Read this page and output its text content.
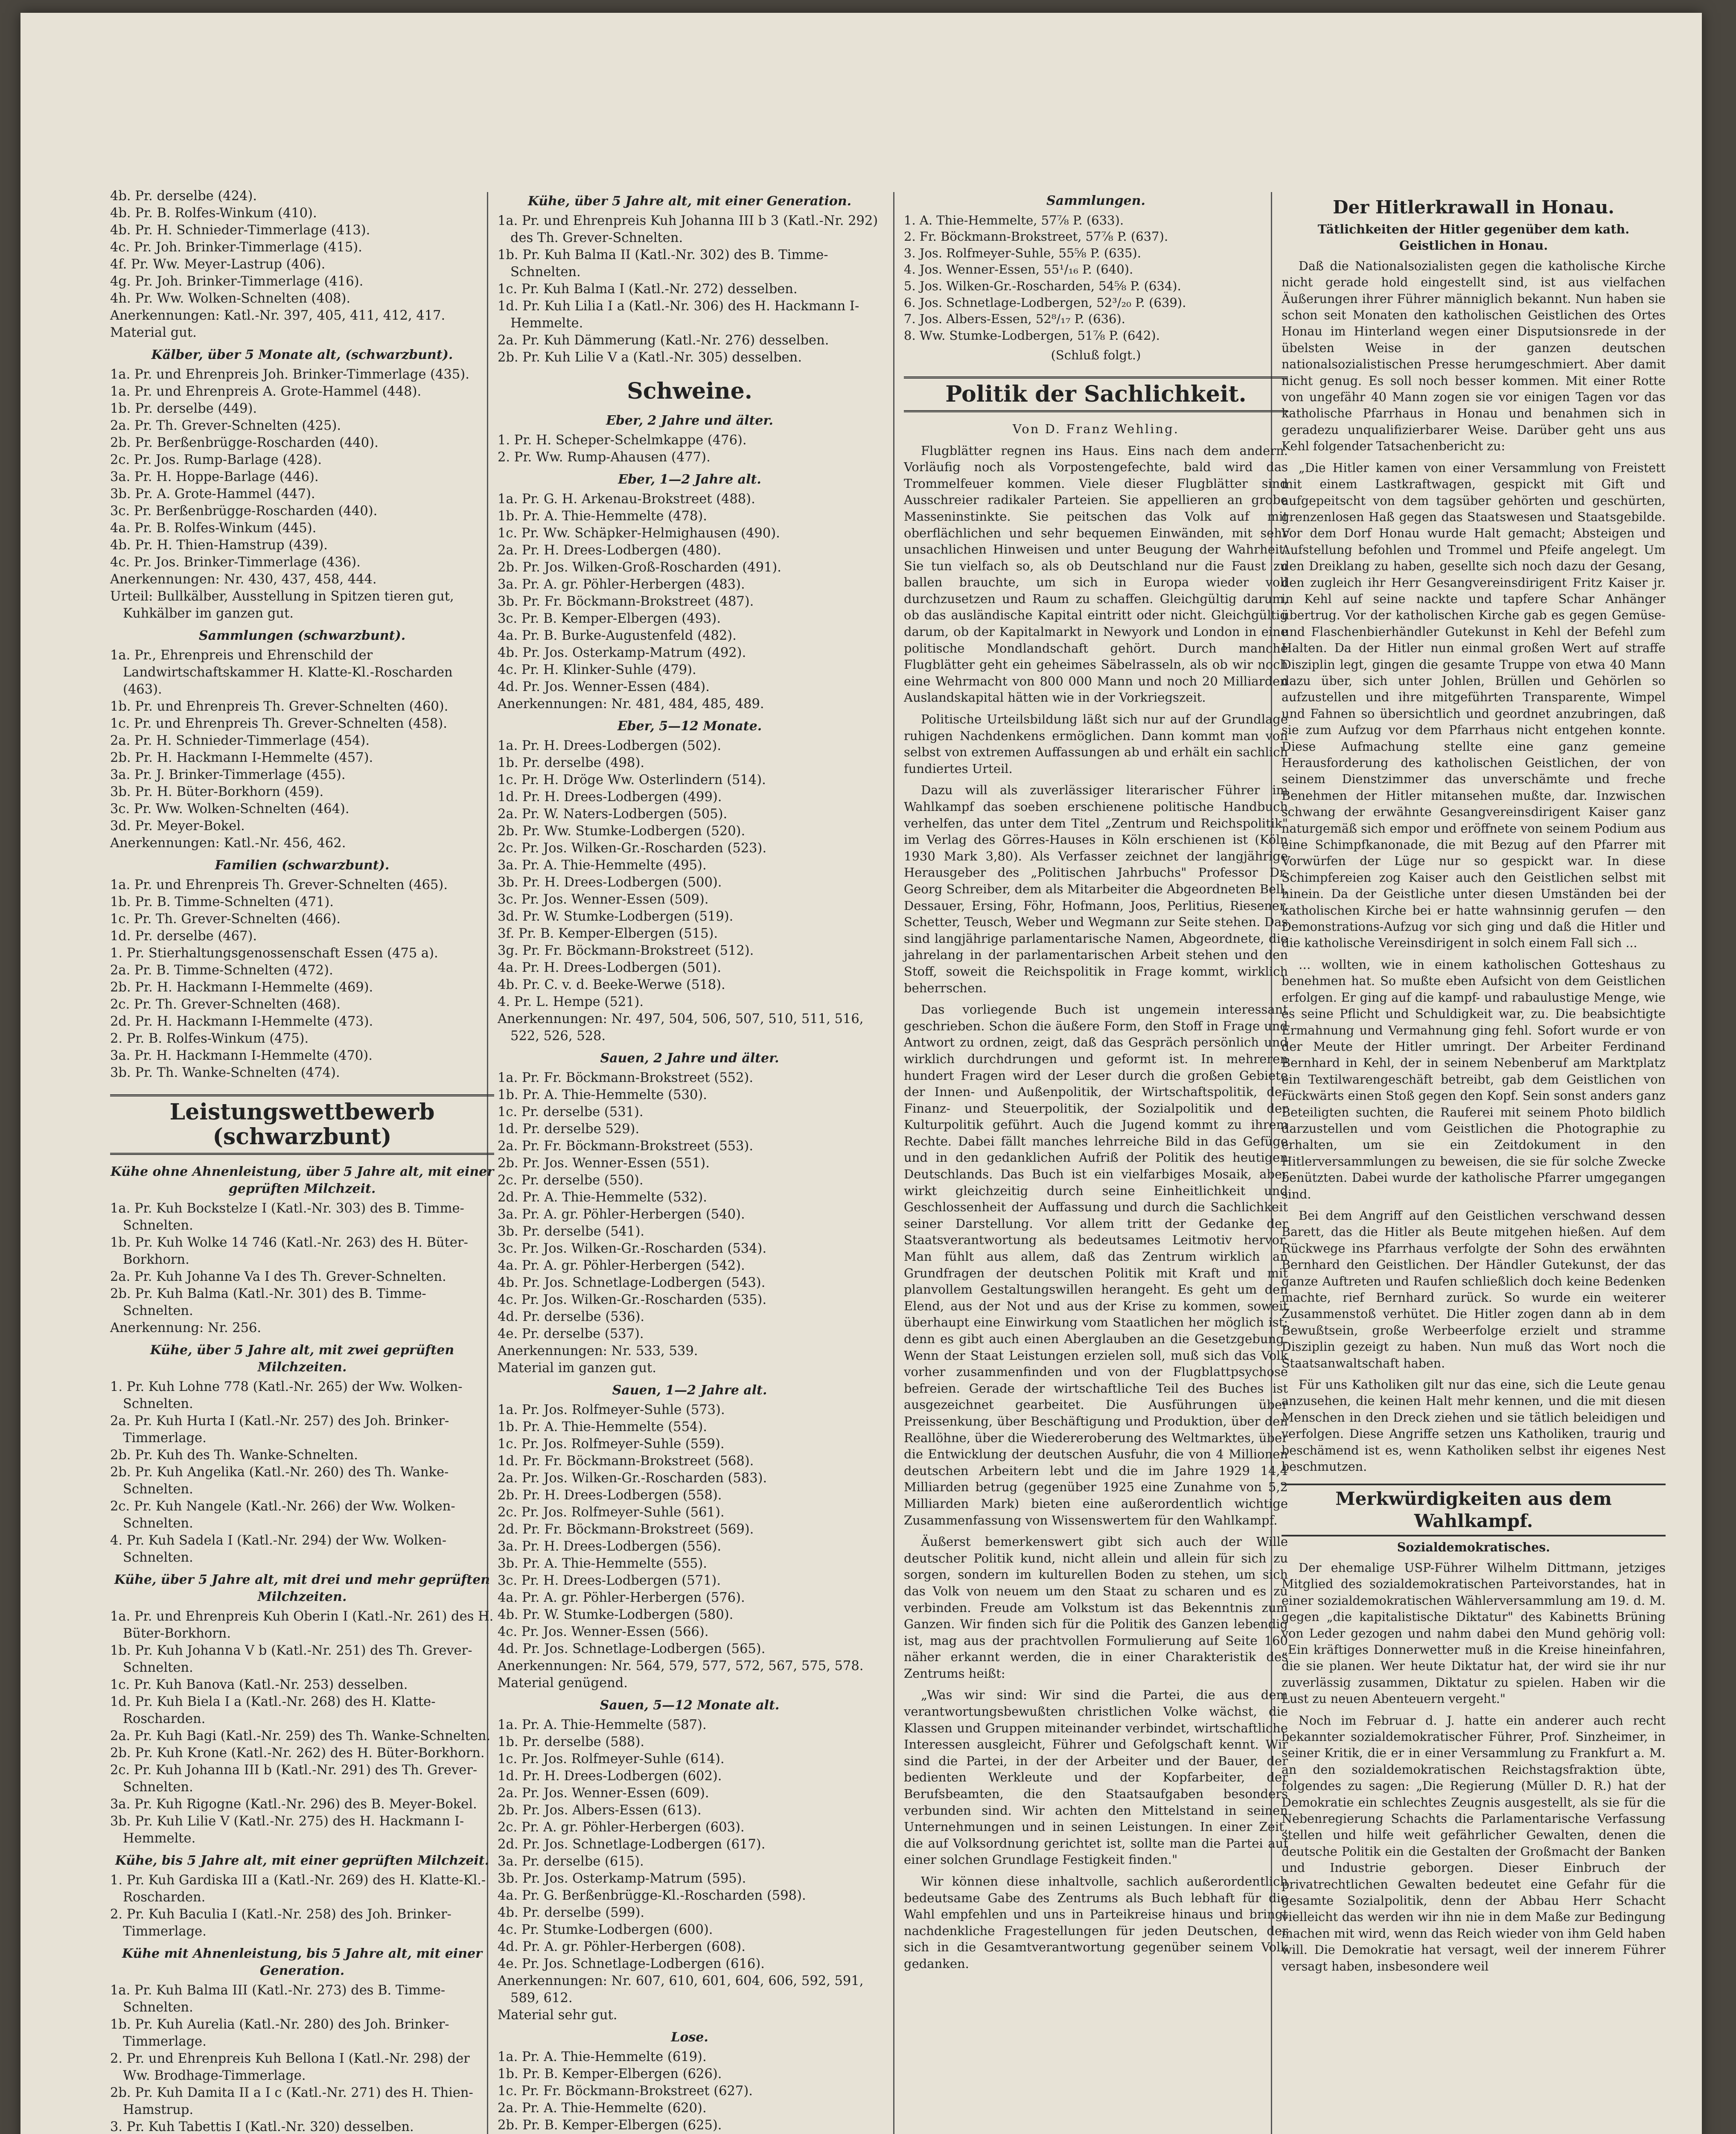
4b. Pr. derselbe (424).

4b. Pr. B. Rolfes-Winkum (410).

4b. Pr. H. Schnieder-Timmerlage (413).

4c. Pr. Joh. Brinker-Timmerlage (415).

4f. Pr. Ww. Meyer-Lastrup (406).

4g. Pr. Joh. Brinker-Timmerlage (416).

4h. Pr. Ww. Wolken-Schnelten (408).

Anerkennungen: Katl.-Nr. 397, 405, 411, 412, 417.

Material gut.

Kälber, über 5 Monate alt, (schwarzbunt).

1a. Pr. und Ehrenpreis Joh. Brinker-Timmerlage (435).

1a. Pr. und Ehrenpreis A. Grote-Hammel (448).

1b. Pr. derselbe (449).

2a. Pr. Th. Grever-Schnelten (425).

2b. Pr. Berßenbrügge-Roscharden (440).

2c. Pr. Jos. Rump-Barlage (428).

3a. Pr. H. Hoppe-Barlage (446).

3b. Pr. A. Grote-Hammel (447).

3c. Pr. Berßenbrügge-Roscharden (440).

4a. Pr. B. Rolfes-Winkum (445).

4b. Pr. H. Thien-Hamstrup (439).

4c. Pr. Jos. Brinker-Timmerlage (436).

Anerkennungen: Nr. 430, 437, 458, 444.

Urteil: Bullkälber, Ausstellung in Spitzen tieren gut, Kuhkälber im ganzen gut.

Sammlungen (schwarzbunt).

1a. Pr., Ehrenpreis und Ehrenschild der Landwirtschaftskammer H. Klatte-Kl.-Roscharden (463).

1b. Pr. und Ehrenpreis Th. Grever-Schnelten (460).

1c. Pr. und Ehrenpreis Th. Grever-Schnelten (458).

2a. Pr. H. Schnieder-Timmerlage (454).

2b. Pr. H. Hackmann I-Hemmelte (457).

3a. Pr. J. Brinker-Timmerlage (455).

3b. Pr. H. Büter-Borkhorn (459).

3c. Pr. Ww. Wolken-Schnelten (464).

3d. Pr. Meyer-Bokel.

Anerkennungen: Katl.-Nr. 456, 462.

Familien (schwarzbunt).

1a. Pr. und Ehrenpreis Th. Grever-Schnelten (465).

1b. Pr. B. Timme-Schnelten (471).

1c. Pr. Th. Grever-Schnelten (466).

1d. Pr. derselbe (467).

1. Pr. Stierhaltungsgenossenschaft Essen (475 a).

2a. Pr. B. Timme-Schnelten (472).

2b. Pr. H. Hackmann I-Hemmelte (469).

2c. Pr. Th. Grever-Schnelten (468).

2d. Pr. H. Hackmann I-Hemmelte (473).

2. Pr. B. Rolfes-Winkum (475).

3a. Pr. H. Hackmann I-Hemmelte (470).

3b. Pr. Th. Wanke-Schnelten (474).

Leistungswettbewerb (schwarzbunt)
Kühe ohne Ahnenleistung, über 5 Jahre alt, mit einer geprüften Milchzeit.

1a. Pr. Kuh Bockstelze I (Katl.-Nr. 303) des B. Timme-Schnelten.

1b. Pr. Kuh Wolke 14 746 (Katl.-Nr. 263) des H. Büter-Borkhorn.

2a. Pr. Kuh Johanne Va I des Th. Grever-Schnelten.

2b. Pr. Kuh Balma (Katl.-Nr. 301) des B. Timme-Schnelten.

Anerkennung: Nr. 256.

Kühe, über 5 Jahre alt, mit zwei geprüften Milchzeiten.

1. Pr. Kuh Lohne 778 (Katl.-Nr. 265) der Ww. Wolken-Schnelten.

2a. Pr. Kuh Hurta I (Katl.-Nr. 257) des Joh. Brinker-Timmerlage.

2b. Pr. Kuh des Th. Wanke-Schnelten.

2b. Pr. Kuh Angelika (Katl.-Nr. 260) des Th. Wanke-Schnelten.

2c. Pr. Kuh Nangele (Katl.-Nr. 266) der Ww. Wolken-Schnelten.

4. Pr. Kuh Sadela I (Katl.-Nr. 294) der Ww. Wolken-Schnelten.

Kühe, über 5 Jahre alt, mit drei und mehr geprüften Milchzeiten.

1a. Pr. und Ehrenpreis Kuh Oberin I (Katl.-Nr. 261) des H. Büter-Borkhorn.

1b. Pr. Kuh Johanna V b (Katl.-Nr. 251) des Th. Grever-Schnelten.

1c. Pr. Kuh Banova (Katl.-Nr. 253) desselben.

1d. Pr. Kuh Biela I a (Katl.-Nr. 268) des H. Klatte-Roscharden.

2a. Pr. Kuh Bagi (Katl.-Nr. 259) des Th. Wanke-Schnelten.

2b. Pr. Kuh Krone (Katl.-Nr. 262) des H. Büter-Borkhorn.

2c. Pr. Kuh Johanna III b (Katl.-Nr. 291) des Th. Grever-Schnelten.

3a. Pr. Kuh Rigogne (Katl.-Nr. 296) des B. Meyer-Bokel.

3b. Pr. Kuh Lilie V (Katl.-Nr. 275) des H. Hackmann I-Hemmelte.

Kühe, bis 5 Jahre alt, mit einer geprüften Milchzeit.

1. Pr. Kuh Gardiska III a (Katl.-Nr. 269) des H. Klatte-Kl.-Roscharden.

2. Pr. Kuh Baculia I (Katl.-Nr. 258) des Joh. Brinker-Timmerlage.

Kühe mit Ahnenleistung, bis 5 Jahre alt, mit einer Generation.

1a. Pr. Kuh Balma III (Katl.-Nr. 273) des B. Timme-Schnelten.

1b. Pr. Kuh Aurelia (Katl.-Nr. 280) des Joh. Brinker-Timmerlage.

2. Pr. und Ehrenpreis Kuh Bellona I (Katl.-Nr. 298) der Ww. Brodhage-Timmerlage.

2b. Pr. Kuh Damita II a I c (Katl.-Nr. 271) des H. Thien-Hamstrup.

3. Pr. Kuh Tabettis I (Katl.-Nr. 320) desselben.

Kühe, über 5 Jahre alt, mit einer Generation.

1a. Pr. und Ehrenpreis Kuh Johanna III b 3 (Katl.-Nr. 292) des Th. Grever-Schnelten.

1b. Pr. Kuh Balma II (Katl.-Nr. 302) des B. Timme-Schnelten.

1c. Pr. Kuh Balma I (Katl.-Nr. 272) desselben.

1d. Pr. Kuh Lilia I a (Katl.-Nr. 306) des H. Hackmann I-Hemmelte.

2a. Pr. Kuh Dämmerung (Katl.-Nr. 276) desselben.

2b. Pr. Kuh Lilie V a (Katl.-Nr. 305) desselben.

Schweine.
Eber, 2 Jahre und älter.

1. Pr. H. Scheper-Schelmkappe (476).

2. Pr. Ww. Rump-Ahausen (477).

Eber, 1—2 Jahre alt.

1a. Pr. G. H. Arkenau-Brokstreet (488).

1b. Pr. A. Thie-Hemmelte (478).

1c. Pr. Ww. Schäpker-Helmighausen (490).

2a. Pr. H. Drees-Lodbergen (480).

2b. Pr. Jos. Wilken-Groß-Roscharden (491).

3a. Pr. A. gr. Pöhler-Herbergen (483).

3b. Pr. Fr. Böckmann-Brokstreet (487).

3c. Pr. B. Kemper-Elbergen (493).

4a. Pr. B. Burke-Augustenfeld (482).

4b. Pr. Jos. Osterkamp-Matrum (492).

4c. Pr. H. Klinker-Suhle (479).

4d. Pr. Jos. Wenner-Essen (484).

Anerkennungen: Nr. 481, 484, 485, 489.

Eber, 5—12 Monate.

1a. Pr. H. Drees-Lodbergen (502).

1b. Pr. derselbe (498).

1c. Pr. H. Dröge Ww. Osterlindern (514).

1d. Pr. H. Drees-Lodbergen (499).

2a. Pr. W. Naters-Lodbergen (505).

2b. Pr. Ww. Stumke-Lodbergen (520).

2c. Pr. Jos. Wilken-Gr.-Roscharden (523).

3a. Pr. A. Thie-Hemmelte (495).

3b. Pr. H. Drees-Lodbergen (500).

3c. Pr. Jos. Wenner-Essen (509).

3d. Pr. W. Stumke-Lodbergen (519).

3f. Pr. B. Kemper-Elbergen (515).

3g. Pr. Fr. Böckmann-Brokstreet (512).

4a. Pr. H. Drees-Lodbergen (501).

4b. Pr. C. v. d. Beeke-Werwe (518).

4. Pr. L. Hempe (521).

Anerkennungen: Nr. 497, 504, 506, 507, 510, 511, 516, 522, 526, 528.

Sauen, 2 Jahre und älter.

1a. Pr. Fr. Böckmann-Brokstreet (552).

1b. Pr. A. Thie-Hemmelte (530).

1c. Pr. derselbe (531).

1d. Pr. derselbe 529).

2a. Pr. Fr. Böckmann-Brokstreet (553).

2b. Pr. Jos. Wenner-Essen (551).

2c. Pr. derselbe (550).

2d. Pr. A. Thie-Hemmelte (532).

3a. Pr. A. gr. Pöhler-Herbergen (540).

3b. Pr. derselbe (541).

3c. Pr. Jos. Wilken-Gr.-Roscharden (534).

4a. Pr. A. gr. Pöhler-Herbergen (542).

4b. Pr. Jos. Schnetlage-Lodbergen (543).

4c. Pr. Jos. Wilken-Gr.-Roscharden (535).

4d. Pr. derselbe (536).

4e. Pr. derselbe (537).

Anerkennungen: Nr. 533, 539.

Material im ganzen gut.

Sauen, 1—2 Jahre alt.

1a. Pr. Jos. Rolfmeyer-Suhle (573).

1b. Pr. A. Thie-Hemmelte (554).

1c. Pr. Jos. Rolfmeyer-Suhle (559).

1d. Pr. Fr. Böckmann-Brokstreet (568).

2a. Pr. Jos. Wilken-Gr.-Roscharden (583).

2b. Pr. H. Drees-Lodbergen (558).

2c. Pr. Jos. Rolfmeyer-Suhle (561).

2d. Pr. Fr. Böckmann-Brokstreet (569).

3a. Pr. H. Drees-Lodbergen (556).

3b. Pr. A. Thie-Hemmelte (555).

3c. Pr. H. Drees-Lodbergen (571).

4a. Pr. A. gr. Pöhler-Herbergen (576).

4b. Pr. W. Stumke-Lodbergen (580).

4c. Pr. Jos. Wenner-Essen (566).

4d. Pr. Jos. Schnetlage-Lodbergen (565).

Anerkennungen: Nr. 564, 579, 577, 572, 567, 575, 578.

Material genügend.

Sauen, 5—12 Monate alt.

1a. Pr. A. Thie-Hemmelte (587).

1b. Pr. derselbe (588).

1c. Pr. Jos. Rolfmeyer-Suhle (614).

1d. Pr. H. Drees-Lodbergen (602).

2a. Pr. Jos. Wenner-Essen (609).

2b. Pr. Jos. Albers-Essen (613).

2c. Pr. A. gr. Pöhler-Herbergen (603).

2d. Pr. Jos. Schnetlage-Lodbergen (617).

3a. Pr. derselbe (615).

3b. Pr. Jos. Osterkamp-Matrum (595).

4a. Pr. G. Berßenbrügge-Kl.-Roscharden (598).

4b. Pr. derselbe (599).

4c. Pr. Stumke-Lodbergen (600).

4d. Pr. A. gr. Pöhler-Herbergen (608).

4e. Pr. Jos. Schnetlage-Lodbergen (616).

Anerkennungen: Nr. 607, 610, 601, 604, 606, 592, 591, 589, 612.

Material sehr gut.

Lose.

1a. Pr. A. Thie-Hemmelte (619).

1b. Pr. B. Kemper-Elbergen (626).

1c. Pr. Fr. Böckmann-Brokstreet (627).

2a. Pr. A. Thie-Hemmelte (620).

2b. Pr. B. Kemper-Elbergen (625).

Sammlungen.

1. A. Thie-Hemmelte, 57⅞ P. (633).

2. Fr. Böckmann-Brokstreet, 57⅞ P. (637).

3. Jos. Rolfmeyer-Suhle, 55⅝ P. (635).

4. Jos. Wenner-Essen, 55¹/₁₆ P. (640).

5. Jos. Wilken-Gr.-Roscharden, 54⅝ P. (634).

6. Jos. Schnetlage-Lodbergen, 52³/₂₀ P. (639).

7. Jos. Albers-Essen, 52⁸/₁₇ P. (636).

8. Ww. Stumke-Lodbergen, 51⅞ P. (642).

(Schluß folgt.)
Politik der Sachlichkeit.
Von D. Franz Wehling.

Flugblätter regnen ins Haus. Eins nach dem andern. Vorläufig noch als Vorpostengefechte, bald wird das Trommelfeuer kommen. Viele dieser Flugblätter sind Ausschreier radikaler Parteien. Sie appellieren an grobe Masseninstinkte. Sie peitschen das Volk auf mit oberflächlichen und sehr bequemen Einwänden, mit sehr unsachlichen Hinweisen und unter Beugung der Wahrheit. Sie tun vielfach so, als ob Deutschland nur die Faust zu ballen brauchte, um sich in Europa wieder voll durchzusetzen und Raum zu schaffen. Gleichgültig darum, ob das ausländische Kapital eintritt oder nicht. Gleichgültig darum, ob der Kapitalmarkt in Newyork und London in eine politische Mondlandschaft gehört. Durch manche Flugblätter geht ein geheimes Säbelrasseln, als ob wir noch eine Wehrmacht von 800 000 Mann und noch 20 Milliarden Auslandskapital hätten wie in der Vorkriegszeit.

Politische Urteilsbildung läßt sich nur auf der Grundlage ruhigen Nachdenkens ermöglichen. Dann kommt man von selbst von extremen Auffassungen ab und erhält ein sachlich fundiertes Urteil.

Dazu will als zuverlässiger literarischer Führer im Wahlkampf das soeben erschienene politische Handbuch verhelfen, das unter dem Titel „Zentrum und Reichspolitik" im Verlag des Görres-Hauses in Köln erschienen ist (Köln 1930 Mark 3,80). Als Verfasser zeichnet der langjährige Herausgeber des „Politischen Jahrbuchs" Professor Dr. Georg Schreiber, dem als Mitarbeiter die Abgeordneten Bell, Dessauer, Ersing, Föhr, Hofmann, Joos, Perlitius, Riesener, Schetter, Teusch, Weber und Wegmann zur Seite stehen. Das sind langjährige parlamentarische Namen, Abgeordnete, die jahrelang in der parlamentarischen Arbeit stehen und den Stoff, soweit die Reichspolitik in Frage kommt, wirklich beherrschen.

Das vorliegende Buch ist ungemein interessant geschrieben. Schon die äußere Form, den Stoff in Frage und Antwort zu ordnen, zeigt, daß das Gespräch persönlich und wirklich durchdrungen und geformt ist. In mehreren hundert Fragen wird der Leser durch die großen Gebiete der Innen- und Außenpolitik, der Wirtschaftspolitik, der Finanz- und Steuerpolitik, der Sozialpolitik und der Kulturpolitik geführt. Auch die Jugend kommt zu ihrem Rechte. Dabei fällt manches lehrreiche Bild in das Gefüge und in den gedanklichen Aufriß der Politik des heutigen Deutschlands. Das Buch ist ein vielfarbiges Mosaik, aber wirkt gleichzeitig durch seine Einheitlichkeit und Geschlossenheit der Auffassung und durch die Sachlichkeit seiner Darstellung. Vor allem tritt der Gedanke der Staatsverantwortung als bedeutsames Leitmotiv hervor. Man fühlt aus allem, daß das Zentrum wirklich an Grundfragen der deutschen Politik mit Kraft und mit planvollem Gestaltungswillen herangeht. Es geht um den Elend, aus der Not und aus der Krise zu kommen, soweit überhaupt eine Einwirkung vom Staatlichen her möglich ist; denn es gibt auch einen Aberglauben an die Gesetzgebung. Wenn der Staat Leistungen erzielen soll, muß sich das Volk vorher zusammenfinden und von der Flugblattpsychose befreien. Gerade der wirtschaftliche Teil des Buches ist ausgezeichnet gearbeitet. Die Ausführungen über Preissenkung, über Beschäftigung und Produktion, über den Reallöhne, über die Wiedereroberung des Weltmarktes, über die Entwicklung der deutschen Ausfuhr, die von 4 Millionen deutschen Arbeitern lebt und die im Jahre 1929 14,4 Milliarden betrug (gegenüber 1925 eine Zunahme von 5,2 Milliarden Mark) bieten eine außerordentlich wichtige Zusammenfassung von Wissenswertem für den Wahlkampf.

Äußerst bemerkenswert gibt sich auch der Wille deutscher Politik kund, nicht allein und allein für sich zu sorgen, sondern im kulturellen Boden zu stehen, um sich das Volk von neuem um den Staat zu scharen und es zu verbinden. Freude am Volkstum ist das Bekenntnis zum Ganzen. Wir finden sich für die Politik des Ganzen lebendig ist, mag aus der prachtvollen Formulierung auf Seite 160 näher erkannt werden, die in einer Charakteristik des Zentrums heißt:

„Was wir sind: Wir sind die Partei, die aus dem verantwortungsbewußten christlichen Volke wächst, die Klassen und Gruppen miteinander verbindet, wirtschaftliche Interessen ausgleicht, Führer und Gefolgschaft kennt. Wir sind die Partei, in der der Arbeiter und der Bauer, der bedienten Werkleute und der Kopfarbeiter, der Berufsbeamten, die den Staatsaufgaben besonders verbunden sind. Wir achten den Mittelstand in seinen Unternehmungen und in seinen Leistungen. In einer Zeit, die auf Volksordnung gerichtet ist, sollte man die Partei auf einer solchen Grundlage Festigkeit finden."

Wir können diese inhaltvolle, sachlich außerordentlich bedeutsame Gabe des Zentrums als Buch lebhaft für die Wahl empfehlen und uns in Parteikreise hinaus und bringt nachdenkliche Fragestellungen für jeden Deutschen, der sich in die Gesamtverantwortung gegenüber seinem Volk gedanken.

Der Hitlerkrawall in Honau.
Tätlichkeiten der Hitler gegenüber dem kath. Geistlichen in Honau.

Daß die Nationalsozialisten gegen die katholische Kirche nicht gerade hold eingestellt sind, ist aus vielfachen Äußerungen ihrer Führer männiglich bekannt. Nun haben sie schon seit Monaten den katholischen Geistlichen des Ortes Honau im Hinterland wegen einer Disputsionsrede in der übelsten Weise in der ganzen deutschen nationalsozialistischen Presse herumgeschmiert. Aber damit nicht genug. Es soll noch besser kommen. Mit einer Rotte von ungefähr 40 Mann zogen sie vor einigen Tagen vor das katholische Pfarrhaus in Honau und benahmen sich in geradezu unqualifizierbarer Weise. Darüber geht uns aus Kehl folgender Tatsachenbericht zu:

„Die Hitler kamen von einer Versammlung von Freistett mit einem Lastkraftwagen, gespickt mit Gift und aufgepeitscht von dem tagsüber gehörten und geschürten, grenzenlosen Haß gegen das Staatswesen und Staatsgebilde. Vor dem Dorf Honau wurde Halt gemacht; Absteigen und Aufstellung befohlen und Trommel und Pfeife angelegt. Um den Dreiklang zu haben, gesellte sich noch dazu der Gesang, den zugleich ihr Herr Gesangvereinsdirigent Fritz Kaiser jr. in Kehl auf seine nackte und tapfere Schar Anhänger übertrug. Vor der katholischen Kirche gab es gegen Gemüse- und Flaschenbierhändler Gutekunst in Kehl der Befehl zum Halten. Da der Hitler nun einmal großen Wert auf straffe Disziplin legt, gingen die gesamte Truppe von etwa 40 Mann dazu über, sich unter Johlen, Brüllen und Gehörlen so aufzustellen und ihre mitgeführten Transparente, Wimpel und Fahnen so übersichtlich und geordnet anzubringen, daß sie zum Aufzug vor dem Pfarrhaus nicht entgehen konnte. Diese Aufmachung stellte eine ganz gemeine Herausforderung des katholischen Geistlichen, der von seinem Dienstzimmer das unverschämte und freche Benehmen der Hitler mitansehen mußte, dar. Inzwischen schwang der erwähnte Gesangvereinsdirigent Kaiser ganz naturgemäß sich empor und eröffnete von seinem Podium aus eine Schimpfkanonade, die mit Bezug auf den Pfarrer mit Vorwürfen der Lüge nur so gespickt war. In diese Schimpfereien zog Kaiser auch den Geistlichen selbst mit hinein. Da der Geistliche unter diesen Umständen bei der katholischen Kirche bei er hatte wahnsinnig gerufen — den Demonstrations-Aufzug vor sich ging und daß die Hitler und die katholische Vereinsdirigent in solch einem Fall sich ...

… wollten, wie in einem katholischen Gotteshaus zu benehmen hat. So mußte eben Aufsicht von dem Geistlichen erfolgen. Er ging auf die kampf- und rabaulustige Menge, wie es seine Pflicht und Schuldigkeit war, zu. Die beabsichtigte Ermahnung und Vermahnung ging fehl. Sofort wurde er von der Meute der Hitler umringt. Der Arbeiter Ferdinand Bernhard in Kehl, der in seinem Nebenberuf am Marktplatz ein Textilwarengeschäft betreibt, gab dem Geistlichen von rückwärts einen Stoß gegen den Kopf. Sein sonst anders ganz Beteiligten suchten, die Rauferei mit seinem Photo bildlich darzustellen und vom Geistlichen die Photographie zu erhalten, um sie ein Zeitdokument in den Hitlerversammlungen zu beweisen, die sie für solche Zwecke benützten. Dabei wurde der katholische Pfarrer umgegangen sind.

Bei dem Angriff auf den Geistlichen verschwand dessen Barett, das die Hitler als Beute mitgehen hießen. Auf dem Rückwege ins Pfarrhaus verfolgte der Sohn des erwähnten Bernhard den Geistlichen. Der Händler Gutekunst, der das ganze Auftreten und Raufen schließlich doch keine Bedenken machte, rief Bernhard zurück. So wurde ein weiterer Zusammenstoß verhütet. Die Hitler zogen dann ab in dem Bewußtsein, große Werbeerfolge erzielt und stramme Disziplin gezeigt zu haben. Nun muß das Wort noch die Staatsanwaltschaft haben.

Für uns Katholiken gilt nur das eine, sich die Leute genau anzusehen, die keinen Halt mehr kennen, und die mit diesen Menschen in den Dreck ziehen und sie tätlich beleidigen und verfolgen. Diese Angriffe setzen uns Katholiken, traurig und beschämend ist es, wenn Katholiken selbst ihr eigenes Nest beschmutzen.

Merkwürdigkeiten aus dem Wahlkampf.
Sozialdemokratisches.

Der ehemalige USP-Führer Wilhelm Dittmann, jetziges Mitglied des sozialdemokratischen Parteivorstandes, hat in einer sozialdemokratischen Wählerversammlung am 19. d. M. gegen „die kapitalistische Diktatur" des Kabinetts Brüning von Leder gezogen und nahm dabei den Mund gehörig voll: „Ein kräftiges Donnerwetter muß in die Kreise hineinfahren, die sie planen. Wer heute Diktatur hat, der wird sie ihr nur zuverlässig zusammen, Diktatur zu spielen. Haben wir die Lust zu neuen Abenteuern vergeht."

Noch im Februar d. J. hatte ein anderer auch recht bekannter sozialdemokratischer Führer, Prof. Sinzheimer, in seiner Kritik, die er in einer Versammlung zu Frankfurt a. M. an den sozialdemokratischen Reichstagsfraktion übte, folgendes zu sagen: „Die Regierung (Müller D. R.) hat der Demokratie ein schlechtes Zeugnis ausgestellt, als sie für die Nebenregierung Schachts die Parlamentarische Verfassung stellen und hilfe weit gefährlicher Gewalten, denen die deutsche Politik ein die Gestalten der Großmacht der Banken und Industrie geborgen. Dieser Einbruch der privatrechtlichen Gewalten bedeutet eine Gefahr für die gesamte Sozialpolitik, denn der Abbau Herr Schacht vielleicht das werden wir ihn nie in dem Maße zur Bedingung machen mit wird, wenn das Reich wieder von ihm Geld haben will. Die Demokratie hat versagt, weil der innerem Führer versagt haben, insbesondere weil
